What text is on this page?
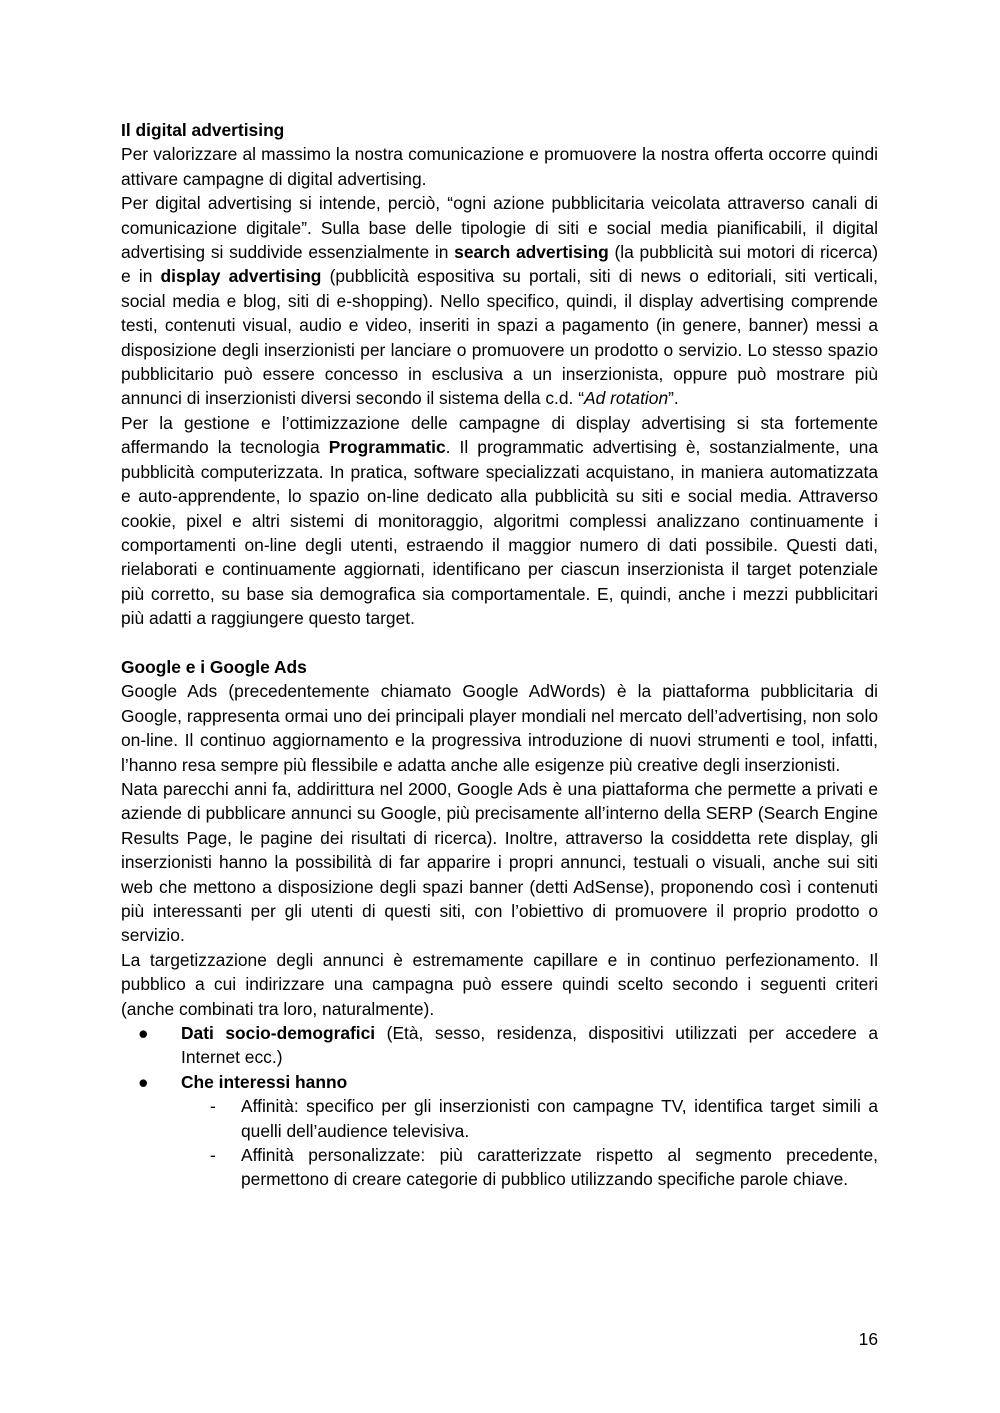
Il digital advertising

Per valorizzare al massimo la nostra comunicazione e promuovere la nostra offerta occorre quindi attivare campagne di digital advertising.

Per digital advertising si intende, perciò, “ogni azione pubblicitaria veicolata attraverso canali di comunicazione digitale”. Sulla base delle tipologie di siti e social media pianificabili, il digital advertising si suddivide essenzialmente in search advertising (la pubblicità sui motori di ricerca) e in display advertising (pubblicità espositiva su portali, siti di news o editoriali, siti verticali, social media e blog, siti di e-shopping). Nello specifico, quindi, il display advertising comprende testi, contenuti visual, audio e video, inseriti in spazi a pagamento (in genere, banner) messi a disposizione degli inserzionisti per lanciare o promuovere un prodotto o servizio. Lo stesso spazio pubblicitario può essere concesso in esclusiva a un inserzionista, oppure può mostrare più annunci di inserzionisti diversi secondo il sistema della c.d. “Ad rotation”.

Per la gestione e l’ottimizzazione delle campagne di display advertising si sta fortemente affermando la tecnologia Programmatic. Il programmatic advertising è, sostanzialmente, una pubblicità computerizzata. In pratica, software specializzati acquistano, in maniera automatizzata e auto-apprendente, lo spazio on-line dedicato alla pubblicità su siti e social media. Attraverso cookie, pixel e altri sistemi di monitoraggio, algoritmi complessi analizzano continuamente i comportamenti on-line degli utenti, estraendo il maggior numero di dati possibile. Questi dati, rielaborati e continuamente aggiornati, identificano per ciascun inserzionista il target potenziale più corretto, su base sia demografica sia comportamentale. E, quindi, anche i mezzi pubblicitari più adatti a raggiungere questo target.

Google e i Google Ads

Google Ads (precedentemente chiamato Google AdWords) è la piattaforma pubblicitaria di Google, rappresenta ormai uno dei principali player mondiali nel mercato dell’advertising, non solo on-line. Il continuo aggiornamento e la progressiva introduzione di nuovi strumenti e tool, infatti, l’hanno resa sempre più flessibile e adatta anche alle esigenze più creative degli inserzionisti.

Nata parecchi anni fa, addirittura nel 2000, Google Ads è una piattaforma che permette a privati e aziende di pubblicare annunci su Google, più precisamente all’interno della SERP (Search Engine Results Page, le pagine dei risultati di ricerca). Inoltre, attraverso la cosiddetta rete display, gli inserzionisti hanno la possibilità di far apparire i propri annunci, testuali o visuali, anche sui siti web che mettono a disposizione degli spazi banner (detti AdSense), proponendo così i contenuti più interessanti per gli utenti di questi siti, con l’obiettivo di promuovere il proprio prodotto o servizio.

La targetizzazione degli annunci è estremamente capillare e in continuo perfezionamento. Il pubblico a cui indirizzare una campagna può essere quindi scelto secondo i seguenti criteri (anche combinati tra loro, naturalmente).

● Dati socio-demografici (Età, sesso, residenza, dispositivi utilizzati per accedere a Internet ecc.)
● Che interessi hanno
- Affinità: specifico per gli inserzionisti con campagne TV, identifica target simili a quelli dell’audience televisiva.
- Affinità personalizzate: più caratterizzate rispetto al segmento precedente, permettono di creare categorie di pubblico utilizzando specifiche parole chiave.
16
